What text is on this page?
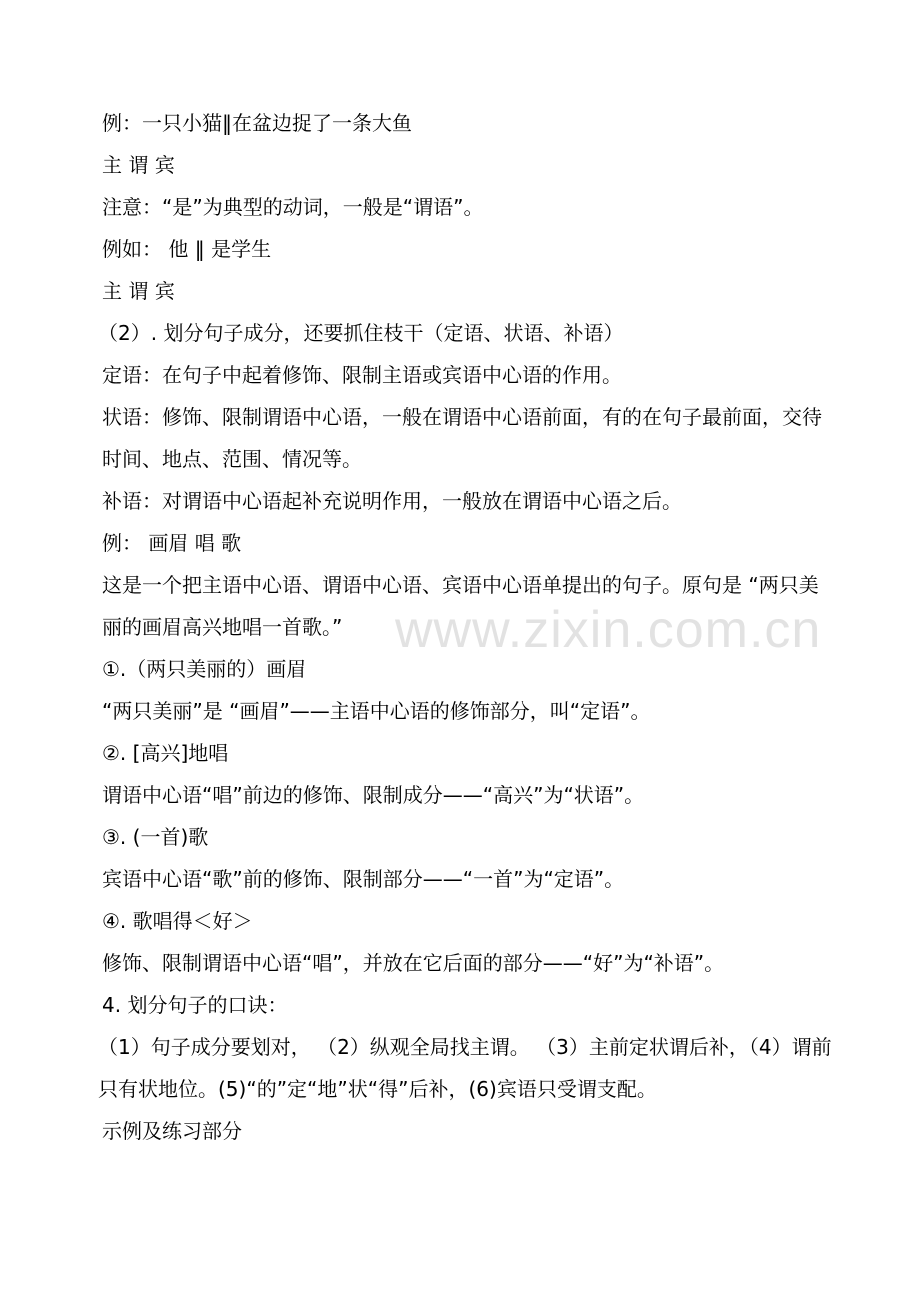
例：一只小猫‖在盆边捉了一条大鱼
主 谓 宾
注意：“是”为典型的动词，一般是“谓语”。
例如： 他 ‖ 是学生
主 谓 宾
（2）. 划分句子成分，还要抓住枝干（定语、状语、补语）
定语：在句子中起着修饰、限制主语或宾语中心语的作用。
状语：修饰、限制谓语中心语，一般在谓语中心语前面，有的在句子最前面，交待时间、地点、范围、情况等。
补语：对谓语中心语起补充说明作用，一般放在谓语中心语之后。
例： 画眉 唱 歌
这是一个把主语中心语、谓语中心语、宾语中心语单提出的句子。原句是 “两只美丽的画眉高兴地唱一首歌。”
①.（两只美丽的）画眉
“两只美丽”是 “画眉”——主语中心语的修饰部分，叫“定语”。
②. [高兴]地唱
谓语中心语“唱”前边的修饰、限制成分——“高兴”为“状语”。
③. (一首)歌
宾语中心语“歌”前的修饰、限制部分——“一首”为“定语”。
④. 歌唱得＜好＞
修饰、限制谓语中心语“唱”，并放在它后面的部分——“好”为“补语”。
4. 划分句子的口诀：
（1）句子成分要划对， （2）纵观全局找主谓。 （3）主前定状谓后补，（4）谓前只有状地位。(5)“的”定“地”状“得”后补，(6)宾语只受谓支配。
示例及练习部分
www.zixin.com.cn
